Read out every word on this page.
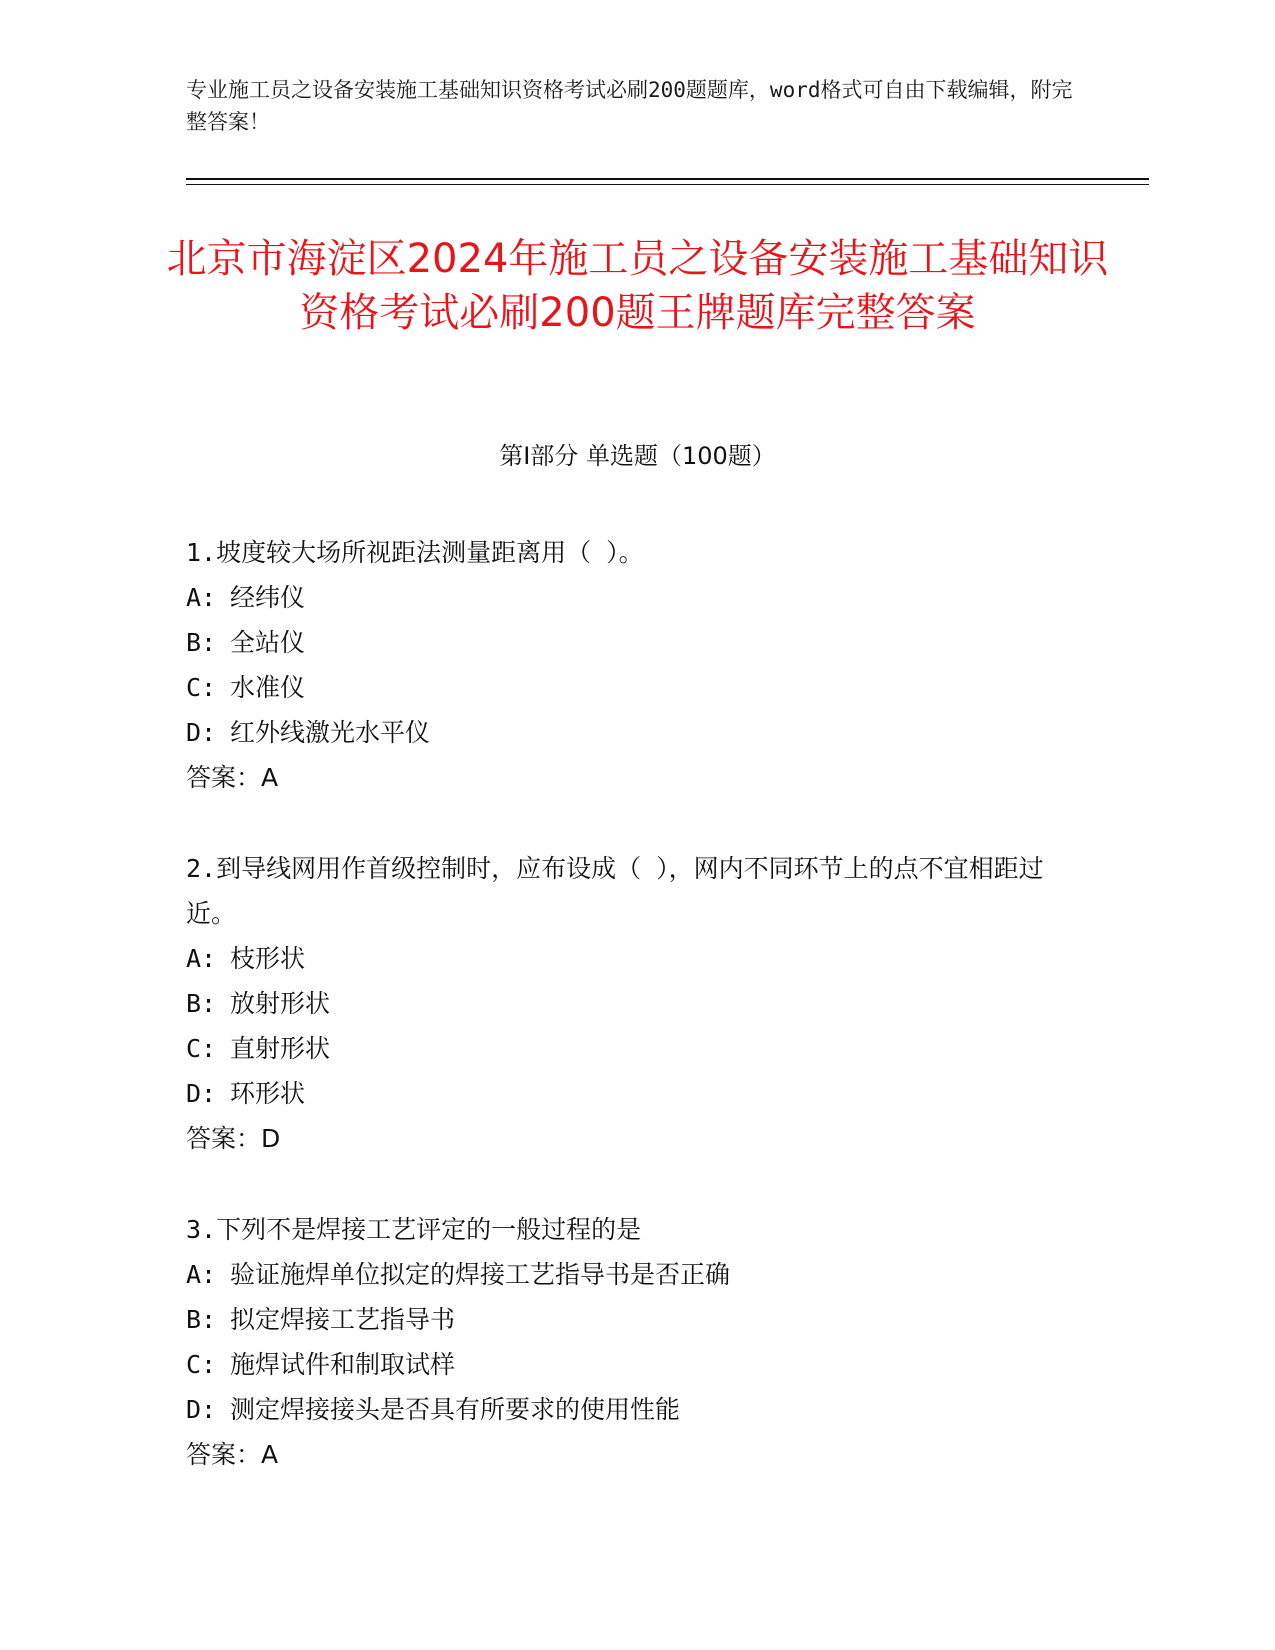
专业施工员之设备安装施工基础知识资格考试必刷200题题库，word格式可自由下载编辑，附完整答案！
北京市海淀区2024年施工员之设备安装施工基础知识资格考试必刷200题王牌题库完整答案
第Ⅰ部分 单选题（100题）

1.坡度较大场所视距法测量距离用（ ）。

A: 经纬仪

B: 全站仪

C: 水准仪

D: 红外线激光水平仪

答案：A

2.到导线网用作首级控制时，应布设成（ ），网内不同环节上的点不宜相距过近。

A: 枝形状

B: 放射形状

C: 直射形状

D: 环形状

答案：D

3.下列不是焊接工艺评定的一般过程的是

A: 验证施焊单位拟定的焊接工艺指导书是否正确

B: 拟定焊接工艺指导书

C: 施焊试件和制取试样

D: 测定焊接接头是否具有所要求的使用性能

答案：A
